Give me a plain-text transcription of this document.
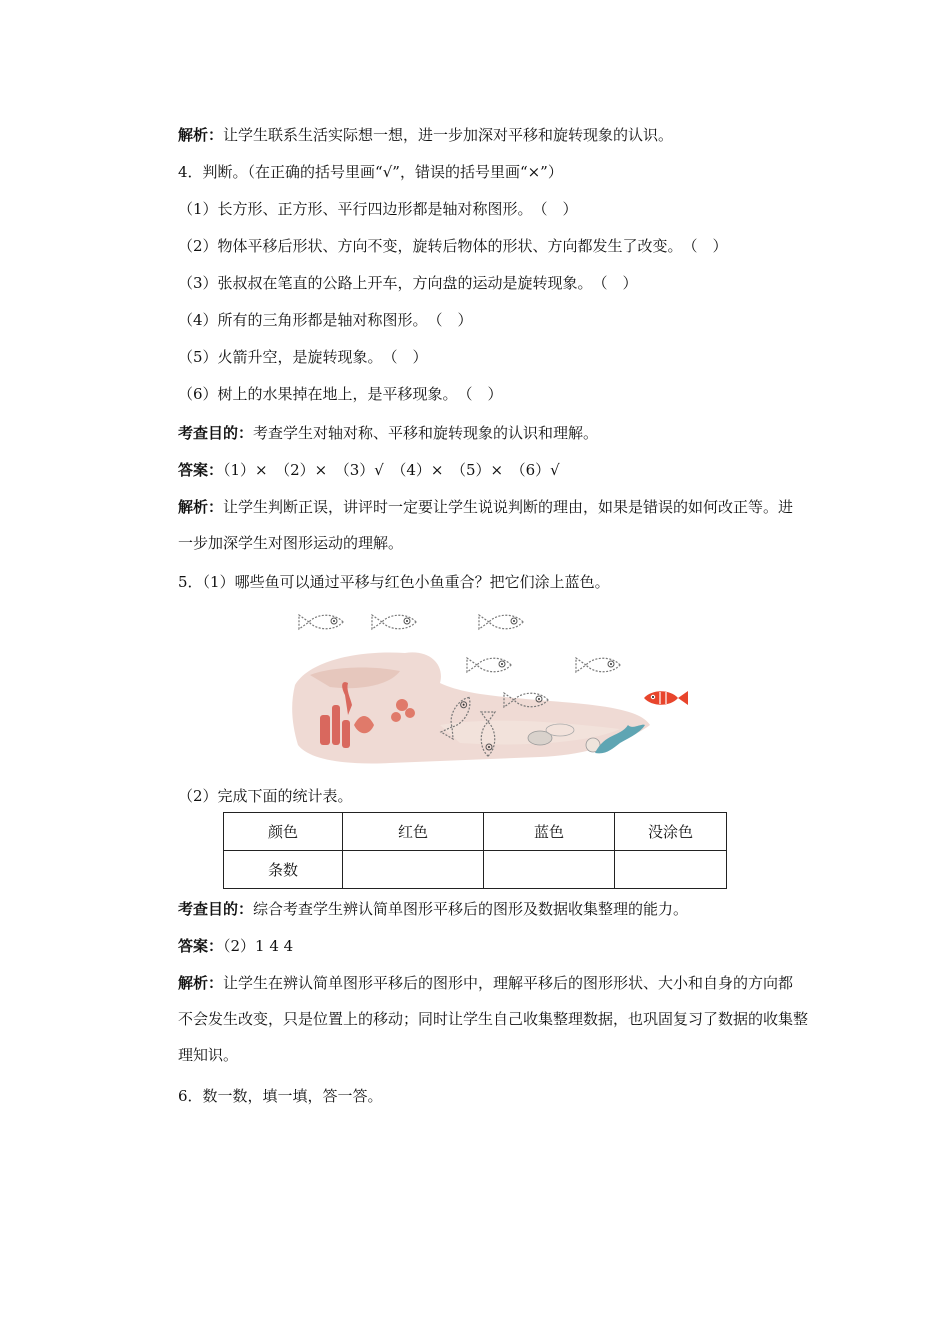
解析：让学生联系生活实际想一想，进一步加深对平移和旋转现象的认识。
4．判断。（在正确的括号里画“√”，错误的括号里画“×”）
（1）长方形、正方形、平行四边形都是轴对称图形。　（　）
（2）物体平移后形状、方向不变，旋转后物体的形状、方向都发生了改变。　（　）
（3）张叔叔在笔直的公路上开车，方向盘的运动是旋转现象。　（　）
（4）所有的三角形都是轴对称图形。　（　）
（5）火箭升空，是旋转现象。　（　）
（6）树上的水果掉在地上，是平移现象。　（　）
考查目的：考查学生对轴对称、平移和旋转现象的认识和理解。
答案：（1）×　（2）×　（3）√　（4）×　（5）×　（6）√
解析：让学生判断正误，讲评时一定要让学生说说判断的理由，如果是错误的如何改正等。进一步加深学生对图形运动的理解。
5．（1）哪些鱼可以通过平移与红色小鱼重合？把它们涂上蓝色。
（2）完成下面的统计表。
颜色	红色	蓝色	没涂色
条数			
考查目的：综合考查学生辨认简单图形平移后的图形及数据收集整理的能力。
答案：（2）1 4 4
解析：让学生在辨认简单图形平移后的图形中，理解平移后的图形形状、大小和自身的方向都不会发生改变，只是位置上的移动；同时让学生自己收集整理数据，也巩固复习了数据的收集整理知识。
6．数一数，填一填，答一答。
